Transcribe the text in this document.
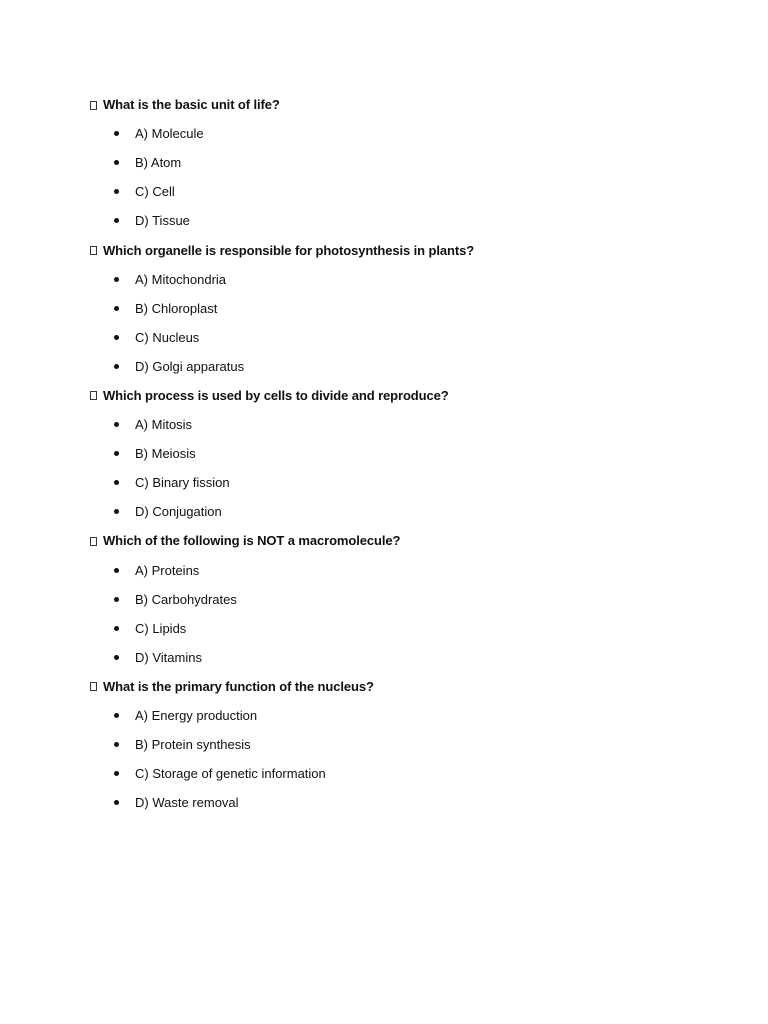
What is the basic unit of life?
A) Molecule
B) Atom
C) Cell
D) Tissue
Which organelle is responsible for photosynthesis in plants?
A) Mitochondria
B) Chloroplast
C) Nucleus
D) Golgi apparatus
Which process is used by cells to divide and reproduce?
A) Mitosis
B) Meiosis
C) Binary fission
D) Conjugation
Which of the following is NOT a macromolecule?
A) Proteins
B) Carbohydrates
C) Lipids
D) Vitamins
What is the primary function of the nucleus?
A) Energy production
B) Protein synthesis
C) Storage of genetic information
D) Waste removal
